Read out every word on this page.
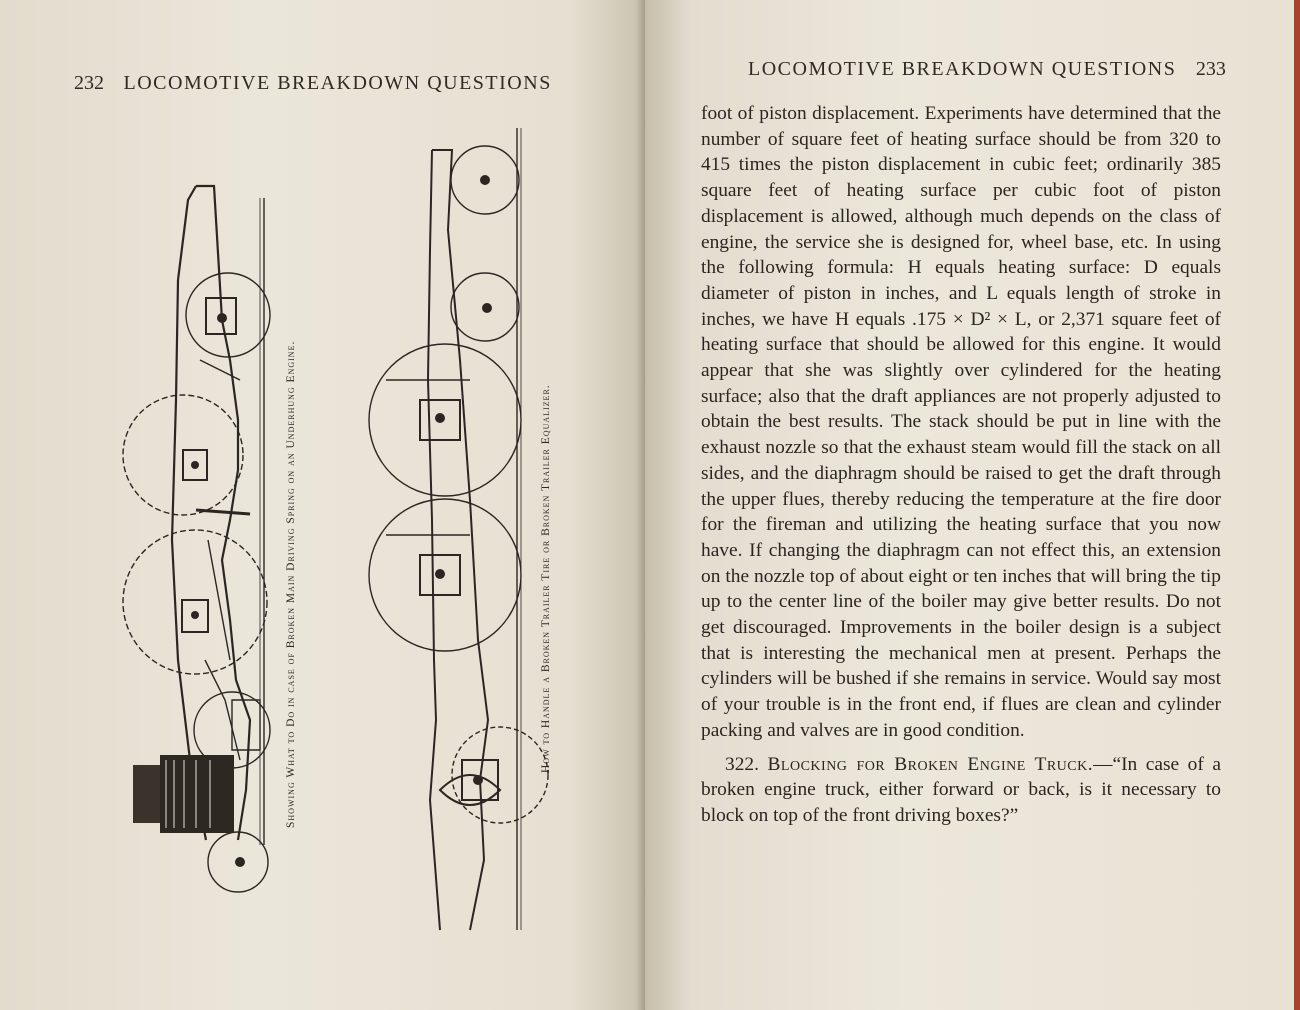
232 LOCOMOTIVE BREAKDOWN QUESTIONS
Showing What to Do in case of Broken Main Driving Spring on an Underhung Engine.	How to Handle a Broken Trailer Tire or Broken Trailer Equalizer.
LOCOMOTIVE BREAKDOWN QUESTIONS 233

foot of piston displacement. Experiments have determined that the number of square feet of heating surface should be from 320 to 415 times the piston displacement in cubic feet; ordinarily 385 square feet of heating surface per cubic foot of piston displacement is allowed, although much depends on the class of engine, the service she is designed for, wheel base, etc. In using the following formula: H equals heating surface: D equals diameter of piston in inches, and L equals length of stroke in inches, we have H equals .175 × D² × L, or 2,371 square feet of heating surface that should be allowed for this engine. It would appear that she was slightly over cylindered for the heating surface; also that the draft appliances are not properly adjusted to obtain the best results. The stack should be put in line with the exhaust nozzle so that the exhaust steam would fill the stack on all sides, and the diaphragm should be raised to get the draft through the upper flues, thereby reducing the temperature at the fire door for the fireman and utilizing the heating surface that you now have. If changing the diaphragm can not effect this, an extension on the nozzle top of about eight or ten inches that will bring the tip up to the center line of the boiler may give better results. Do not get discouraged. Improvements in the boiler design is a subject that is interesting the mechanical men at present. Perhaps the cylinders will be bushed if she remains in service. Would say most of your trouble is in the front end, if flues are clean and cylinder packing and valves are in good condition.

322. Blocking for Broken Engine Truck.—“In case of a broken engine truck, either forward or back, is it necessary to block on top of the front driving boxes?”
